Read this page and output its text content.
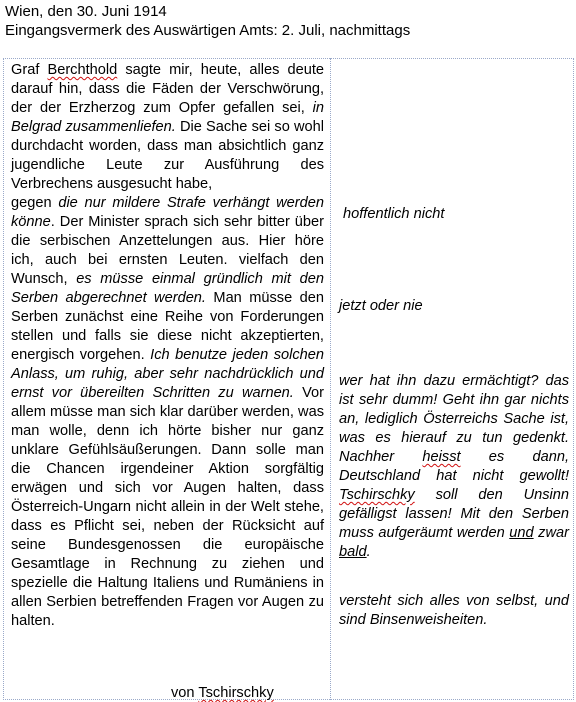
Wien, den 30. Juni 1914
Eingangsvermerk des Auswärtigen Amts: 2. Juli, nachmittags

Graf Berchthold sagte mir, heute, alles deute darauf hin, dass die Fäden der Verschwörung, der der Erzherzog zum Opfer gefallen sei, in Belgrad zusammenliefen. Die Sache sei so wohl durchdacht worden, dass man absichtlich ganz jugendliche Leute zur Ausführung des Verbrechens ausgesucht habe,

gegen die nur mildere Strafe verhängt werden könne. Der Minister sprach sich sehr bitter über die serbischen Anzettelungen aus. Hier höre ich, auch bei ernsten Leuten. vielfach den Wunsch, es müsse einmal gründlich mit den Serben abgerechnet werden. Man müsse den Serben zunächst eine Reihe von Forderungen stellen und falls sie diese nicht akzeptierten, energisch vorgehen. Ich benutze jeden solchen Anlass, um ruhig, aber sehr nachdrücklich und ernst vor übereilten Schritten zu warnen. Vor allem müsse man sich klar darüber werden, was man wolle, denn ich hörte bisher nur ganz unklare Gefühlsäußerungen. Dann solle man die Chancen irgendeiner Aktion sorgfältig erwägen und sich vor Augen halten, dass Österreich-Ungarn nicht allein in der Welt stehe, dass es Pflicht sei, neben der Rücksicht auf seine Bundesgenossen die europäische Gesamtlage in Rechnung zu ziehen und spezielle die Haltung Italiens und Rumäniens in allen Serbien betreffenden Fragen vor Augen zu halten.

von Tschirschky
hoffentlich nicht
jetzt oder nie
wer hat ihn dazu ermächtigt? das ist sehr dumm! Geht ihn gar nichts an, lediglich Österreichs Sache ist, was es hierauf zu tun gedenkt. Nachher heisst es dann, Deutschland hat nicht gewollt! Tschirschky soll den Unsinn gefälligst lassen! Mit den Serben muss aufgeräumt werden und zwar bald.
versteht sich alles von selbst, und sind Binsenweisheiten.
